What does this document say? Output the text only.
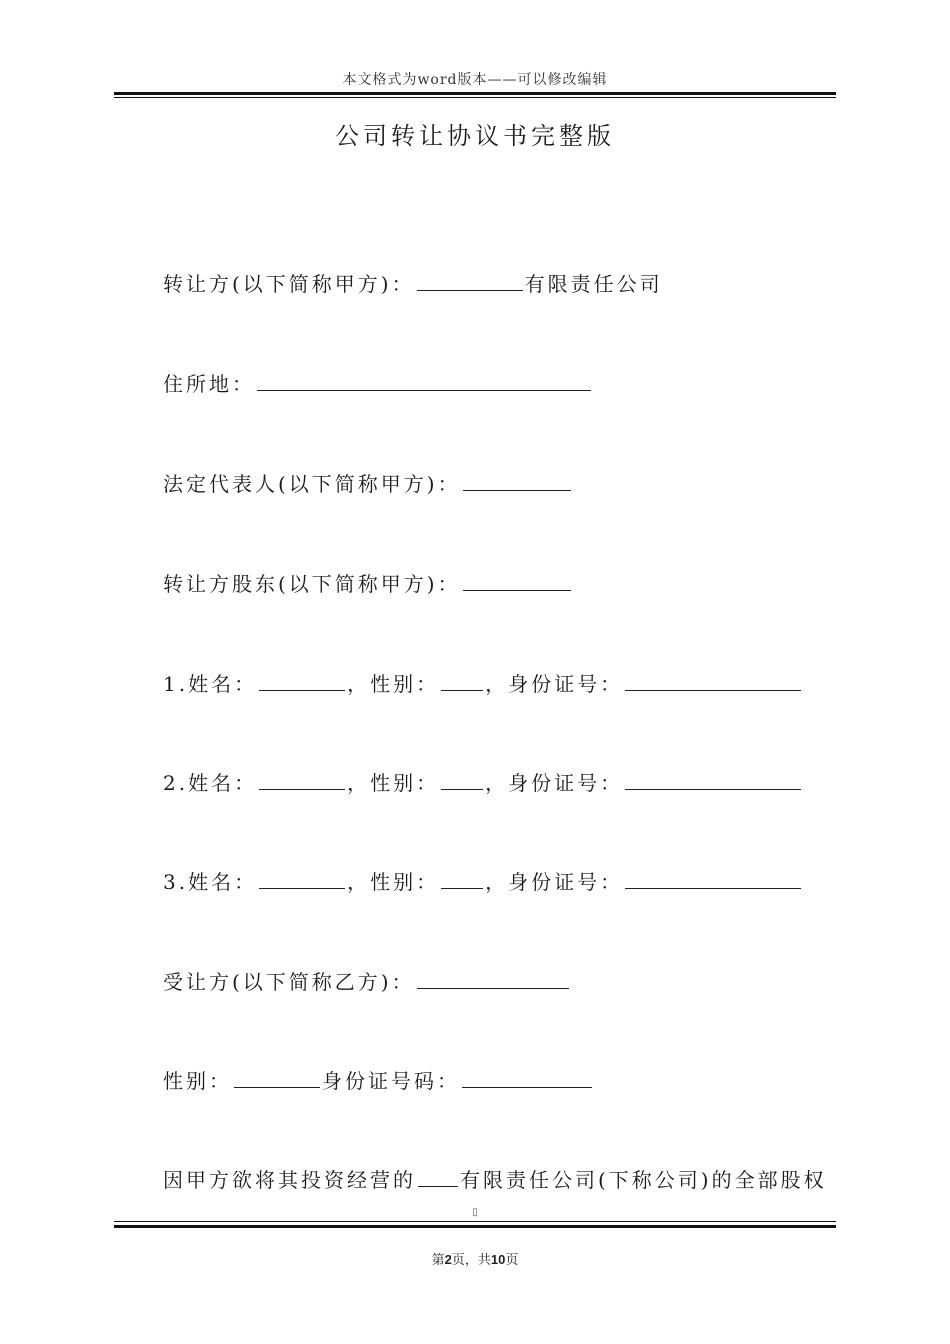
本文格式为word版本——可以修改编辑
公司转让协议书完整版
转让方(以下简称甲方)：	有限责任公司
住所地：
法定代表人(以下简称甲方)：
转让方股东(以下简称甲方)：
1.姓名：	，性别： ，身份证号：
2.姓名：	，性别： ，身份证号：
3.姓名：	，性别： ，身份证号：
受让方(以下简称乙方)：
性别：	身份证号码：
因甲方欲将其投资经营的 有限责任公司(下称公司)的全部股权
▯
第2页，共10页
